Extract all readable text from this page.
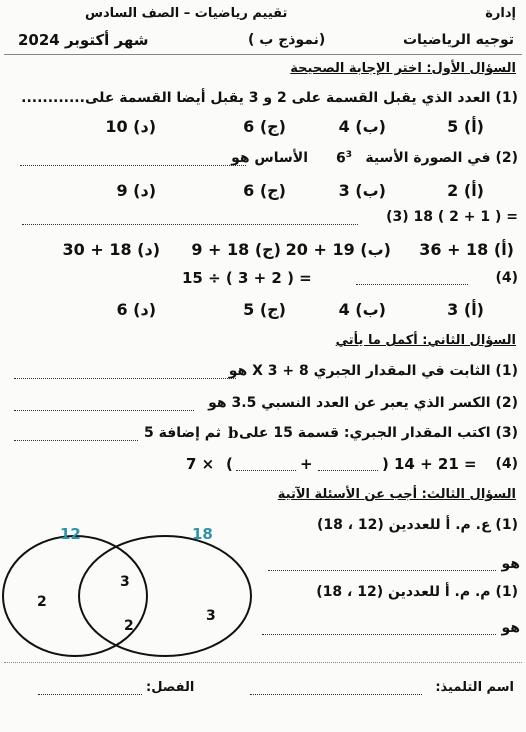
إدارة
تقييم رياضيات – الصف السادس
توجيه الرياضيات
(نموذج ب )
شهر أكتوبر 2024
السؤال الأول: اختر الإجابة الصحيحة
(1) العدد الذي يقبل القسمة على 2 و 3 يقبل أيضا القسمة على............
(أ) 5
(ب) 4
(ج) 6
(د) 10
(2) في الصورة الأسية
$6^3$
الأساس هو
(أ) 2
(ب) 3
(ج) 6
(د) 9
(3) 18 ( 2 + 1 ) =
(أ) 18 + 36
(ب) 19 + 20
(ج) 18 + 9
(د) 18 + 30
(4)
15 ÷ ( 3 + 2 ) =
(أ) 3
(ب) 4
(ج) 5
(د) 6
السؤال الثاني: أكمل ما يأتي
(1) الثابت في المقدار الجبري 8 + X 3 هو
(2) الكسر الذي يعبر عن العدد النسبي 3.5 هو
(3) اكتب المقدار الجبري: قسمة 15 على
b
ثم إضافة 5
(4)
14 + 21 =
)
+
(
7 ×
السؤال الثالث: أجب عن الأسئلة الآتية
(1) ع. م. أ للعددين (12 ، 18)
هو
(1) م. م. أ للعددين (12 ، 18)
هو
12	18
2
3
2
3
اسم التلميذ:
الفصل:
